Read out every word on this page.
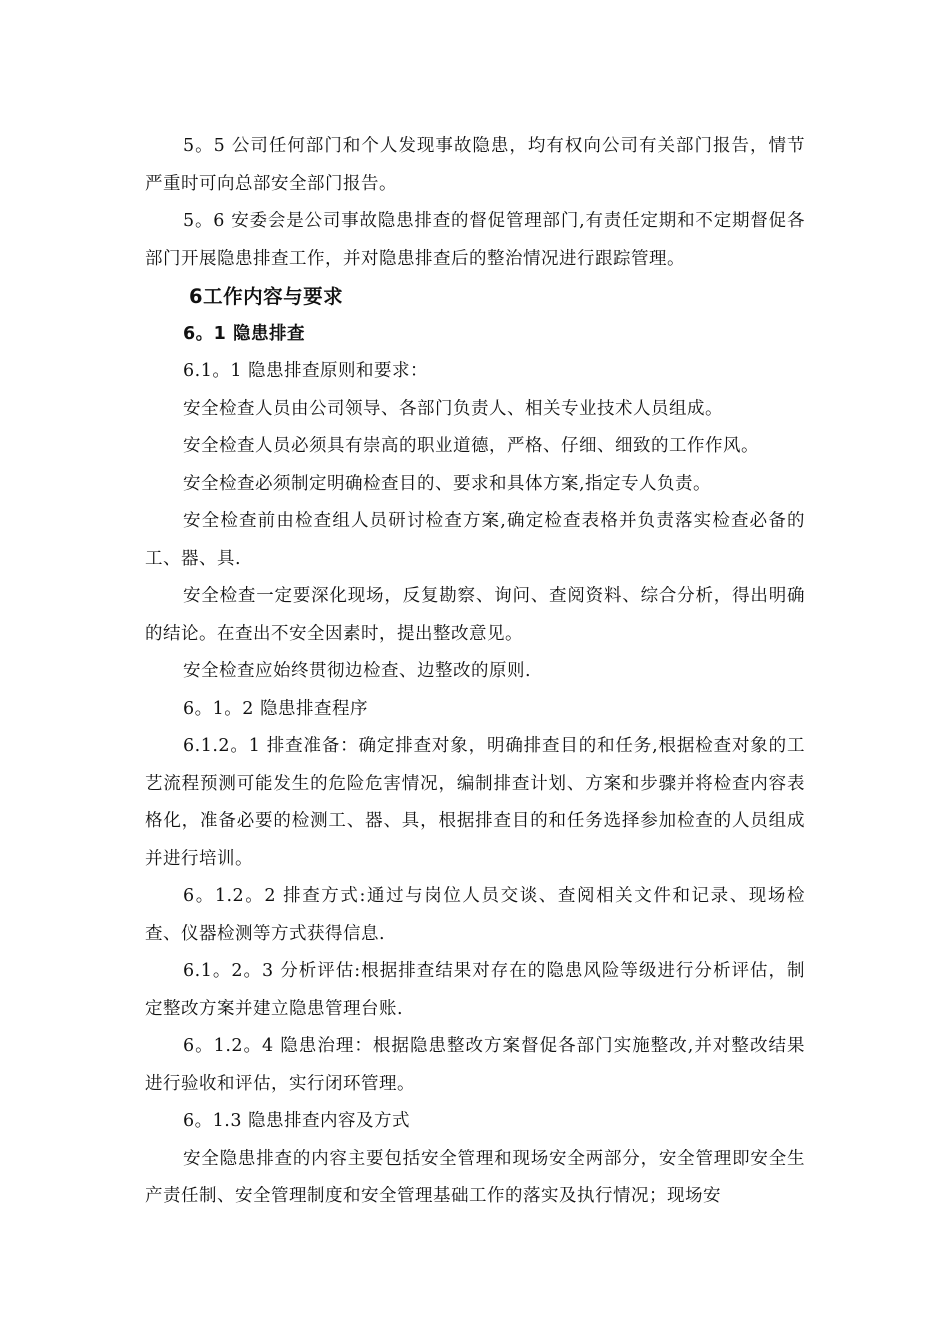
5。5 公司任何部门和个人发现事故隐患，均有权向公司有关部门报告，情节严重时可向总部安全部门报告。

5。6 安委会是公司事故隐患排查的督促管理部门,有责任定期和不定期督促各部门开展隐患排查工作，并对隐患排查后的整治情况进行跟踪管理。

6工作内容与要求
6。1 隐患排查

6.1。1 隐患排查原则和要求：

安全检查人员由公司领导、各部门负责人、相关专业技术人员组成。

安全检查人员必须具有崇高的职业道德，严格、仔细、细致的工作作风。

安全检查必须制定明确检查目的、要求和具体方案,指定专人负责。

安全检查前由检查组人员研讨检查方案,确定检查表格并负责落实检查必备的工、器、具.

安全检查一定要深化现场，反复勘察、询问、查阅资料、综合分析，得出明确的结论。在查出不安全因素时，提出整改意见。

安全检查应始终贯彻边检查、边整改的原则.

6。1。2 隐患排查程序

6.1.2。1 排查准备：确定排查对象，明确排查目的和任务,根据检查对象的工艺流程预测可能发生的危险危害情况，编制排查计划、方案和步骤并将检查内容表格化，准备必要的检测工、器、具，根据排查目的和任务选择参加检查的人员组成并进行培训。

6。1.2。2 排查方式:通过与岗位人员交谈、查阅相关文件和记录、现场检查、仪器检测等方式获得信息.

6.1。2。3 分析评估:根据排查结果对存在的隐患风险等级进行分析评估，制定整改方案并建立隐患管理台账.

6。1.2。4 隐患治理：根据隐患整改方案督促各部门实施整改,并对整改结果进行验收和评估，实行闭环管理。

6。1.3 隐患排查内容及方式

安全隐患排查的内容主要包括安全管理和现场安全两部分，安全管理即安全生产责任制、安全管理制度和安全管理基础工作的落实及执行情况；现场安
